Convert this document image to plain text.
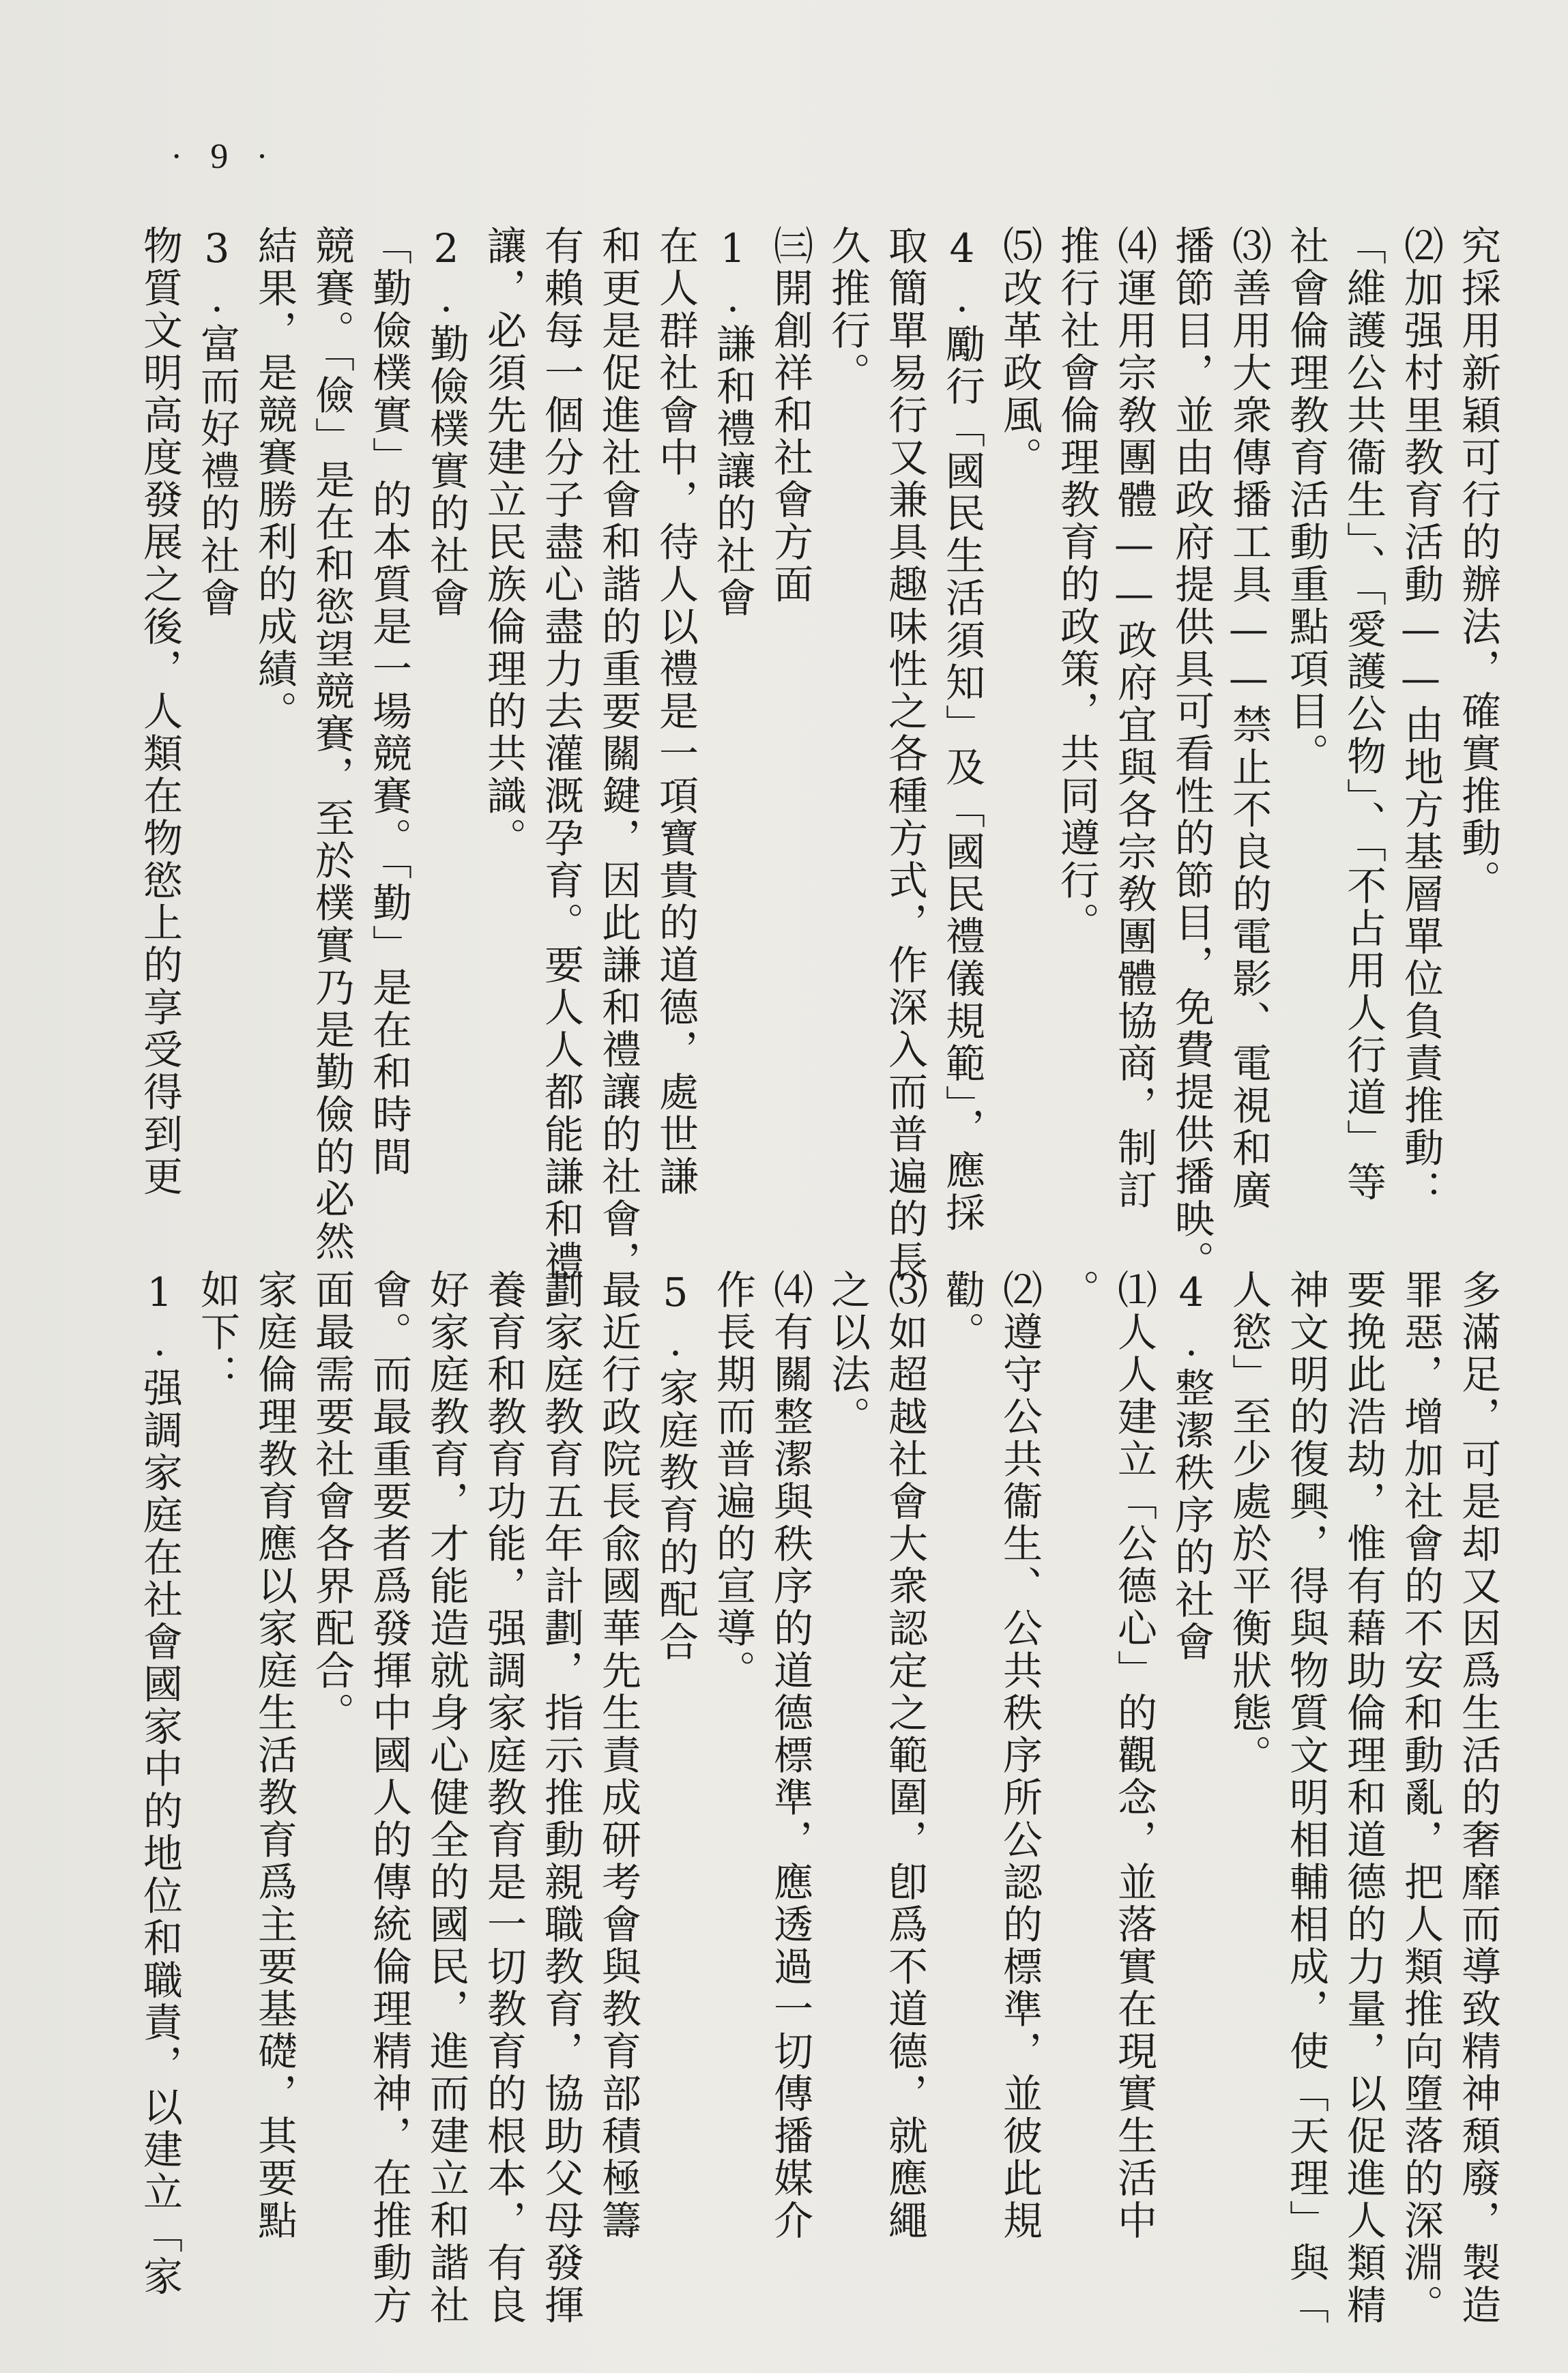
· 9 ·

究採用新穎可行的辦法，確實推動。

⑵加强村里教育活動——由地方基層單位負責推動：

「維護公共衞生」、「愛護公物」、「不占用人行道」等

社會倫理教育活動重點項目。

⑶善用大衆傳播工具——禁止不良的電影、電視和廣

播節目，並由政府提供具可看性的節目，免費提供播映。

⑷運用宗敎團體——政府宜與各宗敎團體協商，制訂

推行社會倫理教育的政策，共同遵行。

⑸改革政風。

4.勵行「國民生活須知」及「國民禮儀規範」，應採

取簡單易行又兼具趣味性之各種方式，作深入而普遍的長

久推行。

㈢開創祥和社會方面

1.謙和禮讓的社會

在人群社會中，待人以禮是一項寶貴的道德，處世謙

和更是促進社會和諧的重要關鍵，因此謙和禮讓的社會，

有賴每一個分子盡心盡力去灌溉孕育。要人人都能謙和禮

讓，必須先建立民族倫理的共識。

2.勤儉樸實的社會

「勤儉樸實」的本質是一場競賽。「勤」是在和時間

競賽。「儉」是在和慾望競賽，至於樸實乃是勤儉的必然

結果，是競賽勝利的成績。

3.富而好禮的社會

物質文明高度發展之後，人類在物慾上的享受得到更

多滿足，可是却又因爲生活的奢靡而導致精神頹廢，製造

罪惡，增加社會的不安和動亂，把人類推向墮落的深淵。

要挽此浩劫，惟有藉助倫理和道德的力量，以促進人類精

神文明的復興，得與物質文明相輔相成，使「天理」與「

人慾」至少處於平衡狀態。

4.整潔秩序的社會

⑴人人建立「公德心」的觀念，並落實在現實生活中

。

⑵遵守公共衞生、公共秩序所公認的標準，並彼此規

勸。

⑶如超越社會大衆認定之範圍，卽爲不道德，就應繩

之以法。

⑷有關整潔與秩序的道德標準，應透過一切傳播媒介

作長期而普遍的宣導。

5.家庭教育的配合

最近行政院長兪國華先生責成研考會與教育部積極籌

劃家庭教育五年計劃，指示推動親職教育，協助父母發揮

養育和教育功能，强調家庭教育是一切教育的根本，有良

好家庭教育，才能造就身心健全的國民，進而建立和諧社

會。而最重要者爲發揮中國人的傳統倫理精神，在推動方

面最需要社會各界配合。

家庭倫理教育應以家庭生活教育爲主要基礎，其要點

如下：

1.强調家庭在社會國家中的地位和職責，以建立「家
